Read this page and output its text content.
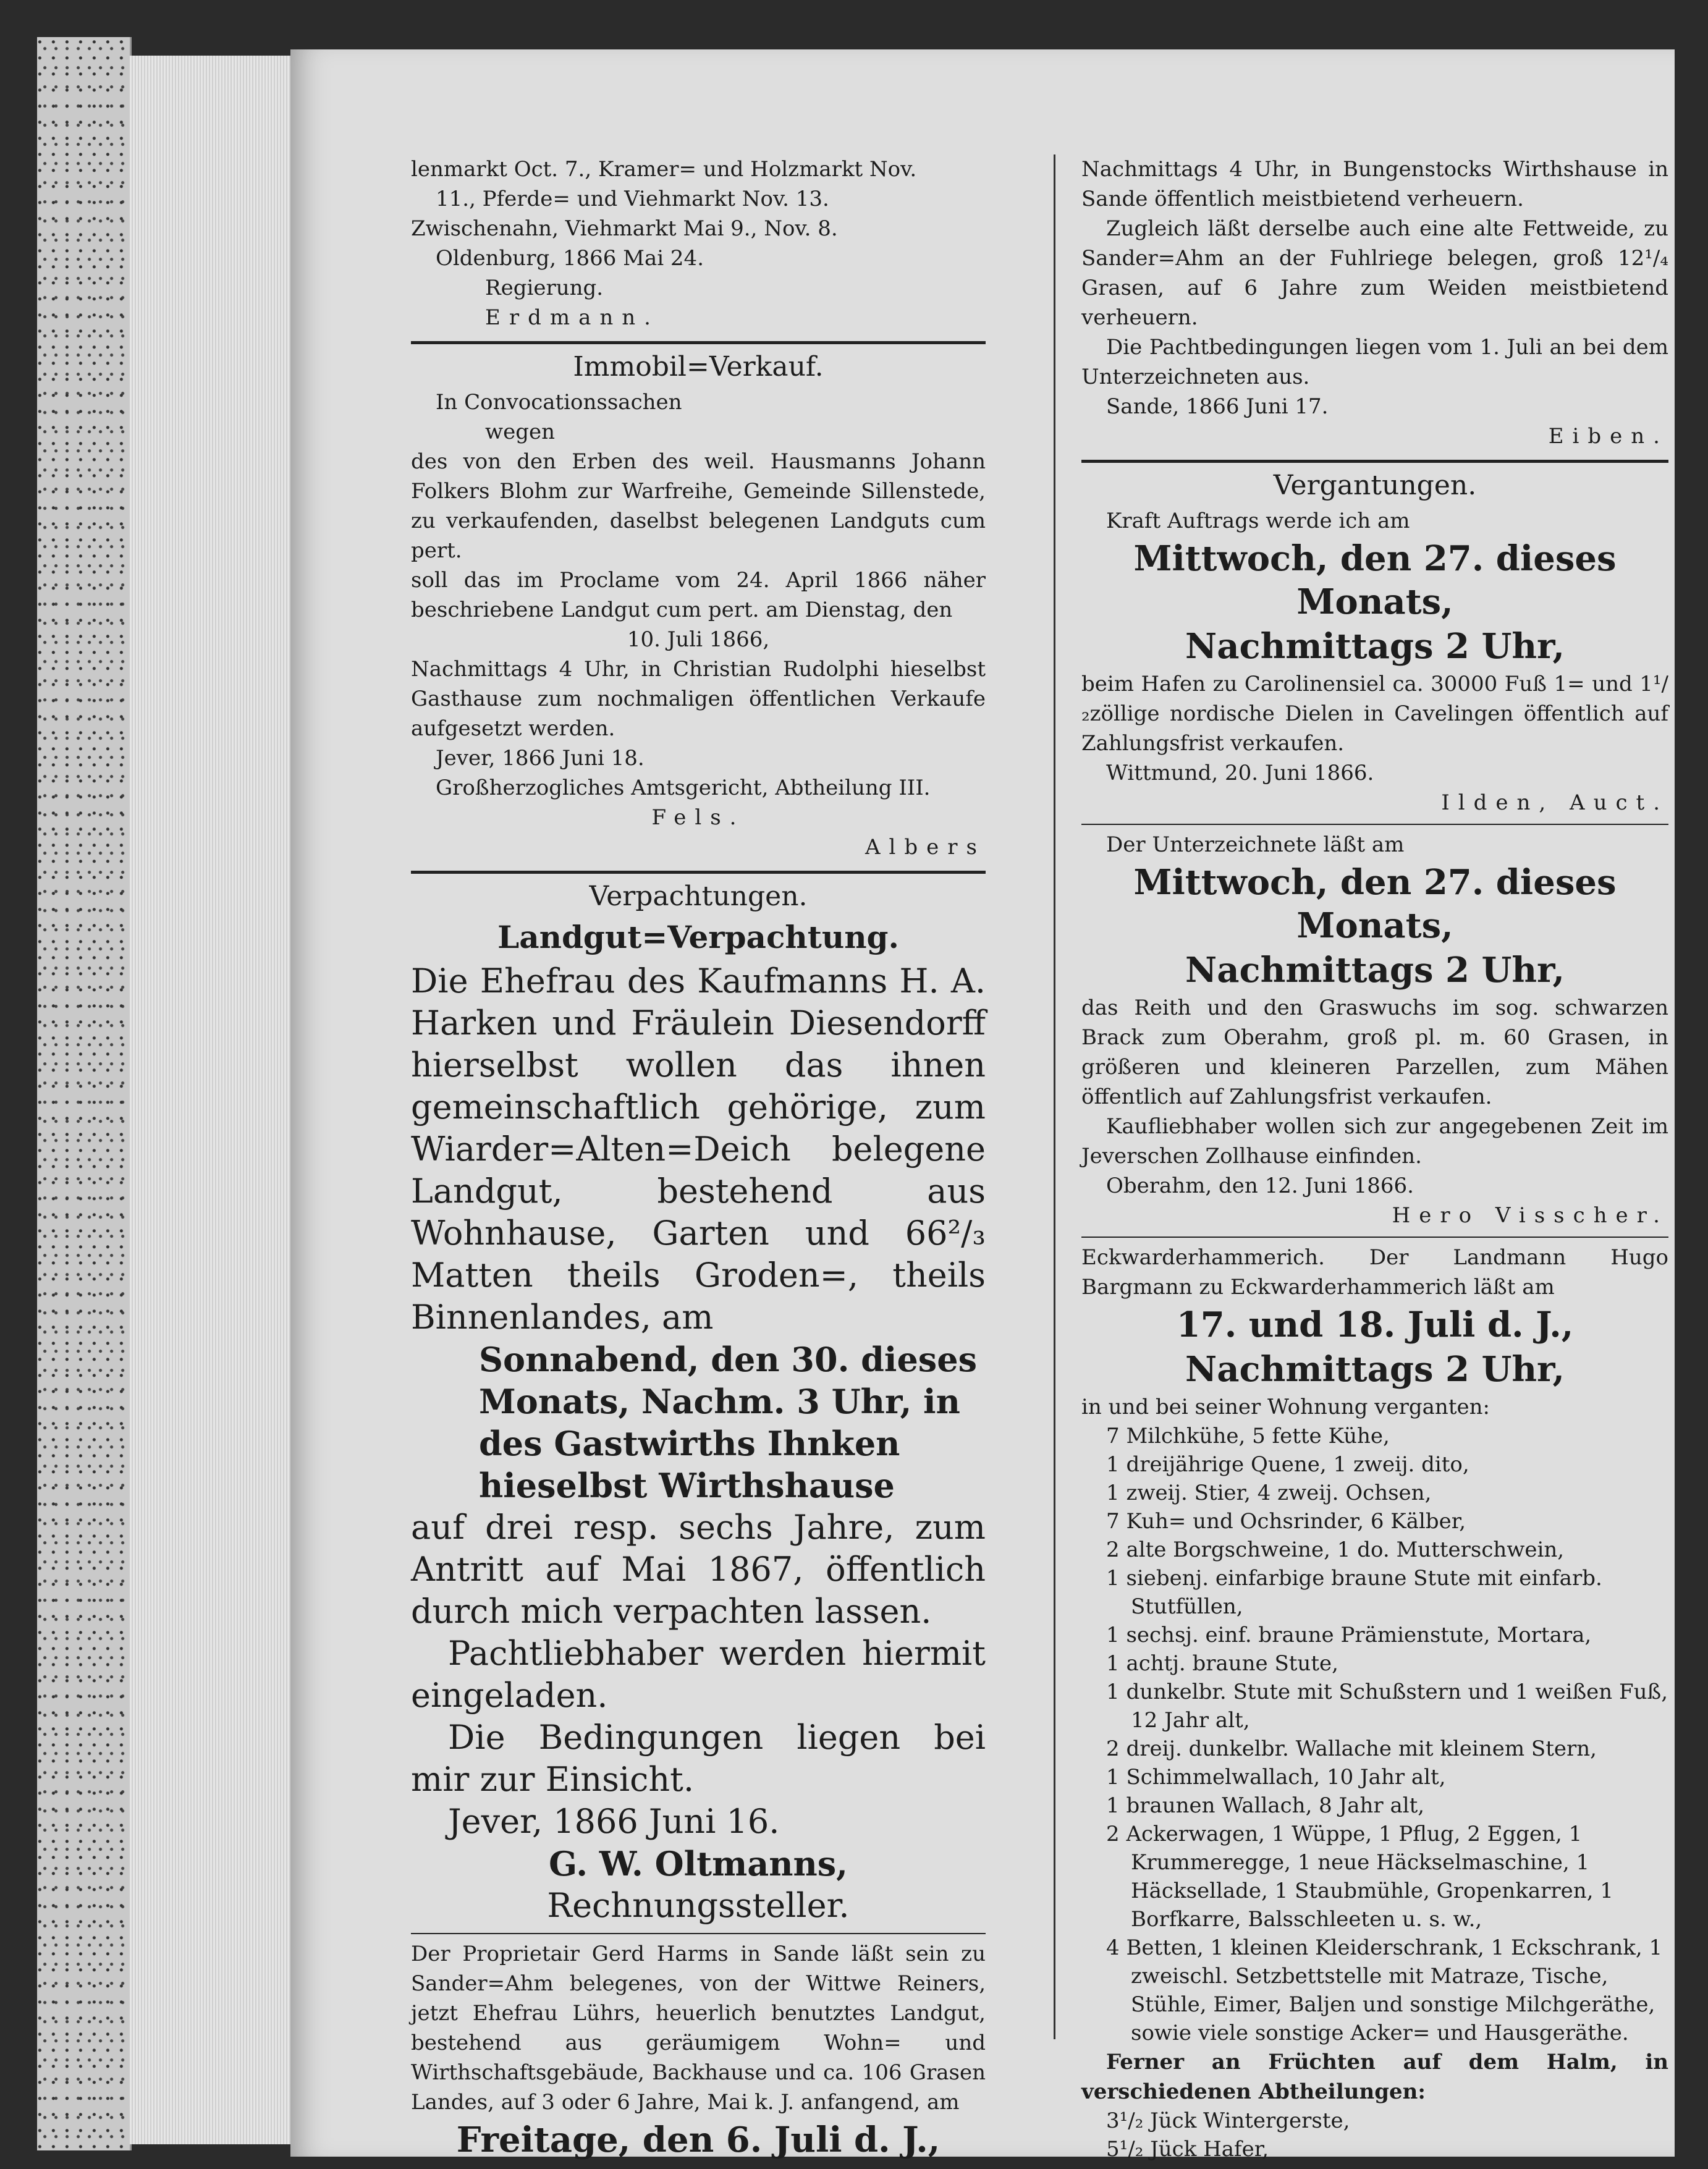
lenmarkt Oct. 7., Kramer= und Holzmarkt Nov.

11., Pferde= und Viehmarkt Nov. 13.

Zwischenahn, Viehmarkt Mai 9., Nov. 8.

Oldenburg, 1866 Mai 24.

Regierung.

Erdmann.

Immobil=Verkauf.

In Convocationssachen

wegen

des von den Erben des weil. Hausmanns Johann Folkers Blohm zur Warfreihe, Gemeinde Sillenstede, zu verkaufenden, daselbst belegenen Landguts cum pert.

soll das im Proclame vom 24. April 1866 näher beschriebene Landgut cum pert. am Dienstag, den

10. Juli 1866,

Nachmittags 4 Uhr, in Christian Rudolphi hieselbst Gasthause zum nochmaligen öffentlichen Verkaufe aufgesetzt werden.

Jever, 1866 Juni 18.

Großherzogliches Amtsgericht, Abtheilung III.

Fels.

Albers

Verpachtungen.

Landgut=Verpachtung.

Die Ehefrau des Kaufmanns H. A. Harken und Fräulein Diesendorff hierselbst wollen das ihnen gemeinschaftlich gehörige, zum Wiarder=Alten=Deich belegene Landgut, bestehend aus Wohnhause, Garten und 66²/₃ Matten theils Groden=, theils Binnenlandes, am

Sonnabend, den 30. dieses Monats, Nachm. 3 Uhr, in des Gastwirths Ihnken hieselbst Wirthshause

auf drei resp. sechs Jahre, zum Antritt auf Mai 1867, öffentlich durch mich verpachten lassen.

Pachtliebhaber werden hiermit eingeladen.

Die Bedingungen liegen bei mir zur Einsicht.

Jever, 1866 Juni 16.

G. W. Oltmanns,

Rechnungssteller.

Der Proprietair Gerd Harms in Sande läßt sein zu Sander=Ahm belegenes, von der Wittwe Reiners, jetzt Ehefrau Lührs, heuerlich benutztes Landgut, bestehend aus geräumigem Wohn= und Wirthschaftsgebäude, Backhause und ca. 106 Grasen Landes, auf 3 oder 6 Jahre, Mai k. J. anfangend, am

Freitage, den 6. Juli d. J.,

Nachmittags 4 Uhr, in Bungenstocks Wirthshause in Sande öffentlich meistbietend verheuern.

Zugleich läßt derselbe auch eine alte Fettweide, zu Sander=Ahm an der Fuhlriege belegen, groß 12¹/₄ Grasen, auf 6 Jahre zum Weiden meistbietend verheuern.

Die Pachtbedingungen liegen vom 1. Juli an bei dem Unterzeichneten aus.

Sande, 1866 Juni 17.

Eiben.

Vergantungen.

Kraft Auftrags werde ich am

Mittwoch, den 27. dieses Monats,

Nachmittags 2 Uhr,

beim Hafen zu Carolinensiel ca. 30000 Fuß 1= und 1¹/₂zöllige nordische Dielen in Cavelingen öffentlich auf Zahlungsfrist verkaufen.

Wittmund, 20. Juni 1866.

Ilden, Auct.

Der Unterzeichnete läßt am

Mittwoch, den 27. dieses Monats,

Nachmittags 2 Uhr,

das Reith und den Graswuchs im sog. schwarzen Brack zum Oberahm, groß pl. m. 60 Grasen, in größeren und kleineren Parzellen, zum Mähen öffentlich auf Zahlungsfrist verkaufen.

Kaufliebhaber wollen sich zur angegebenen Zeit im Jeverschen Zollhause einfinden.

Oberahm, den 12. Juni 1866.

Hero Visscher.

Eckwarderhammerich. Der Landmann Hugo Bargmann zu Eckwarderhammerich läßt am

17. und 18. Juli d. J.,

Nachmittags 2 Uhr,

in und bei seiner Wohnung verganten:

7 Milchkühe, 5 fette Kühe,

1 dreijährige Quene, 1 zweij. dito,

1 zweij. Stier, 4 zweij. Ochsen,

7 Kuh= und Ochsrinder, 6 Kälber,

2 alte Borgschweine, 1 do. Mutterschwein,

1 siebenj. einfarbige braune Stute mit einfarb. Stutfüllen,

1 sechsj. einf. braune Prämienstute, Mortara,

1 achtj. braune Stute,

1 dunkelbr. Stute mit Schußstern und 1 weißen Fuß, 12 Jahr alt,

2 dreij. dunkelbr. Wallache mit kleinem Stern,

1 Schimmelwallach, 10 Jahr alt,

1 braunen Wallach, 8 Jahr alt,

2 Ackerwagen, 1 Wüppe, 1 Pflug, 2 Eggen, 1 Krummeregge, 1 neue Häckselmaschine, 1 Häcksellade, 1 Staubmühle, Gropenkarren, 1 Borfkarre, Balsschleeten u. s. w.,

4 Betten, 1 kleinen Kleiderschrank, 1 Eckschrank, 1 zweischl. Setzbettstelle mit Matraze, Tische, Stühle, Eimer, Baljen und sonstige Milchgeräthe, sowie viele sonstige Acker= und Hausgeräthe.

Ferner an Früchten auf dem Halm, in verschiedenen Abtheilungen:

3¹/₂ Jück Wintergerste,

5¹/₂ Jück Hafer,
